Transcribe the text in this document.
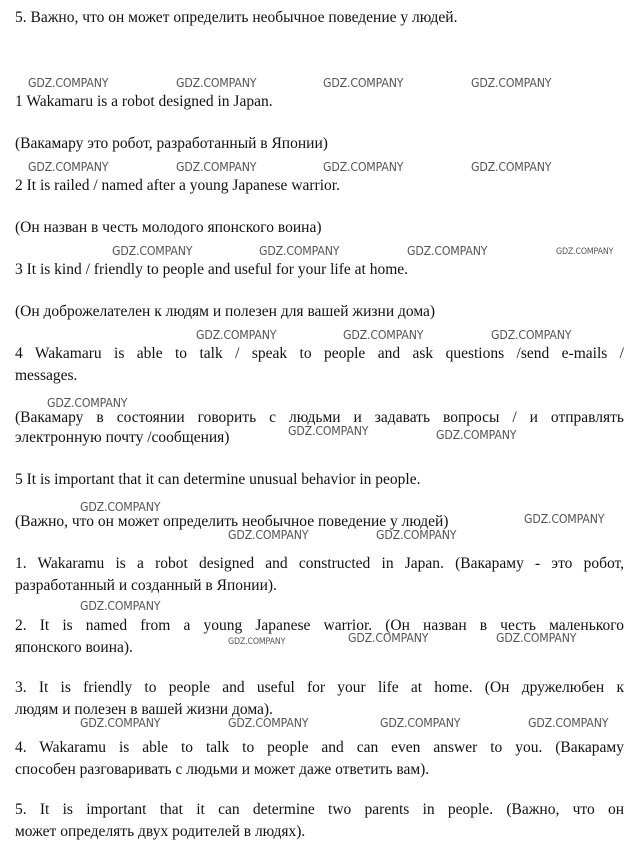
5. Важно, что он может определить необычное поведение у людей.
1 Wakamaru is a robot designed in Japan.
(Вакамару это робот, разработанный в Японии)
2 It is railed / named after a young Japanese warrior.
(Он назван в честь молодого японского воина)
3 It is kind / friendly to people and useful for your life at home.
(Он доброжелателен к людям и полезен для вашей жизни дома)
4 Wakamaru is able to talk / speak to people and ask questions /send e-mails /
messages.
(Вакамару в состоянии говорить с людьми и задавать вопросы / и отправлять
электронную почту /сообщения)
5 It is important that it can determine unusual behavior in people.
(Важно, что он может определить необычное поведение у людей)
1. Wakaramu is a robot designed and constructed in Japan. (Вакараму - это робот,
разработанный и созданный в Японии).
2. It is named from a young Japanese warrior. (Он назван в честь маленького
японского воина).
3. It is friendly to people and useful for your life at home. (Он дружелюбен к
людям и полезен в вашей жизни дома).
4. Wakaramu is able to talk to people and can even answer to you. (Вакараму
способен разговаривать с людьми и может даже ответить вам).
5. It is important that it can determine two parents in people. (Важно, что он
может определять двух родителей в людях).
GDZ.COMPANY	GDZ.COMPANY	GDZ.COMPANY	GDZ.COMPANY
GDZ.COMPANY	GDZ.COMPANY	GDZ.COMPANY	GDZ.COMPANY
GDZ.COMPANY	GDZ.COMPANY	GDZ.COMPANY	GDZ.COMPANY
GDZ.COMPANY	GDZ.COMPANY	GDZ.COMPANY
GDZ.COMPANY
GDZ.COMPANY	GDZ.COMPANY
GDZ.COMPANY
GDZ.COMPANY
GDZ.COMPANY	GDZ.COMPANY
GDZ.COMPANY
GDZ.COMPANY	GDZ.COMPANY	GDZ.COMPANY
GDZ.COMPANY	GDZ.COMPANY	GDZ.COMPANY	GDZ.COMPANY
